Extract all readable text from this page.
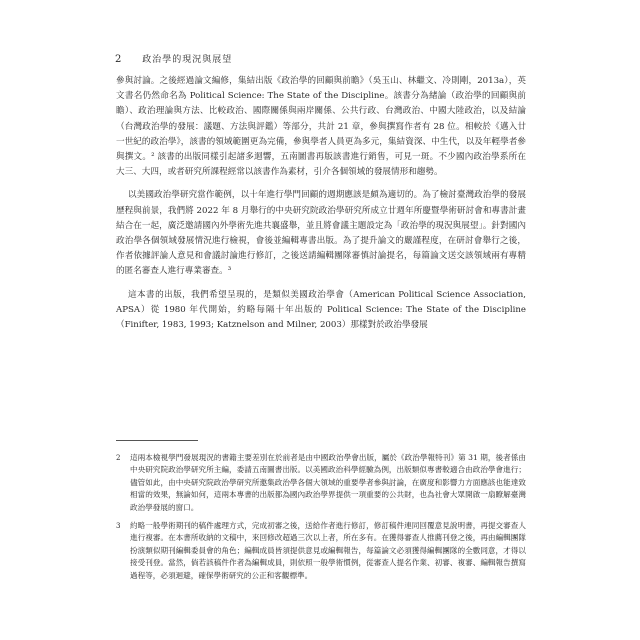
2 政治學的現況與展望

參與討論。之後經過論文編修，集結出版《政治學的回顧與前瞻》（吳玉山、林繼文、冷則剛，2013a），英文書名仍然命名為 Political Science: The State of the Discipline。該書分為緒論（政治學的回顧與前瞻）、政治理論與方法、比較政治、國際關係與兩岸關係、公共行政、台灣政治、中國大陸政治，以及結論（台灣政治學的發展：議題、方法與評鑑）等部分，共計 21 章，參與撰寫作者有 28 位。相較於《邁入廿一世紀的政治學》，該書的領域範圍更為完備，參與學者人員更為多元，集結資深、中生代，以及年輕學者參與撰文。² 該書的出版同樣引起諸多迴響，五南圖書再版該書進行銷售，可見一斑。不少國內政治學系所在大三、大四，或者研究所課程經常以該書作為素材，引介各個領域的發展情形和趨勢。

以美國政治學研究當作範例，以十年進行學門回顧的週期應該是頗為適切的。為了檢討臺灣政治學的發展歷程與前景，我們將 2022 年 8 月舉行的中央研究院政治學研究所成立廿週年所慶暨學術研討會和專書計畫結合在一起，廣泛邀請國內外學術先進共襄盛舉，並且將會議主題設定為「政治學的現況與展望」。針對國內政治學各個領域發展情況進行檢視，會後並編輯專書出版。為了提升論文的嚴謹程度，在研討會舉行之後，作者依據評論人意見和會議討論進行修訂，之後送請編輯團隊審慎討論提名，每篇論文送交該領域兩有專精的匿名審查人進行專業審查。³

這本書的出版，我們希望呈現的，是類似美國政治學會（American Political Science Association, APSA）從 1980 年代開始，約略每隔十年出版的 Political Science: The State of the Discipline（Finifter, 1983, 1993; Katznelson and Milner, 2003）那樣對於政治學發展

2	這兩本檢視學門發展現況的書籍主要差別在於前者是由中國政治學會出版，屬於《政治學報特刊》第 31 期，後者係由中央研究院政治學研究所主編，委請五南圖書出版。以美國政治科學經驗為例，出版類似專書較適合由政治學會進行；儘管如此，由中央研究院政治學研究所邀集政治學各個大領域的重要學者參與討論，在廣度和影響力方面應該也能達致相當的效果，無論如何，這兩本專書的出版都為國內政治學界提供一項重要的公共財，也為社會大眾開啟一扇瞭解臺灣政治學發展的窗口。
3	約略一般學術期刊的稿件處理方式，完成初審之後，送給作者進行修訂，修訂稿件連同回覆意見說明書，再提交審查人進行複審。在本書所收納的文稿中，來回修改超過三次以上者，所在多有。在獲得審查人推薦刊登之後，再由編輯團隊扮演類似期刊編輯委員會的角色；編輯成員皆須提供意見或編輯報告，每篇論文必須獲得編輯團隊的全數同意，才得以接受刊登。當然，倘若該稿件作者為編輯成員，則依照一般學術慣例，從審查人提名作業、初審、複審、編輯報告撰寫過程等，必須迴避，確保學術研究的公正和客觀標準。
